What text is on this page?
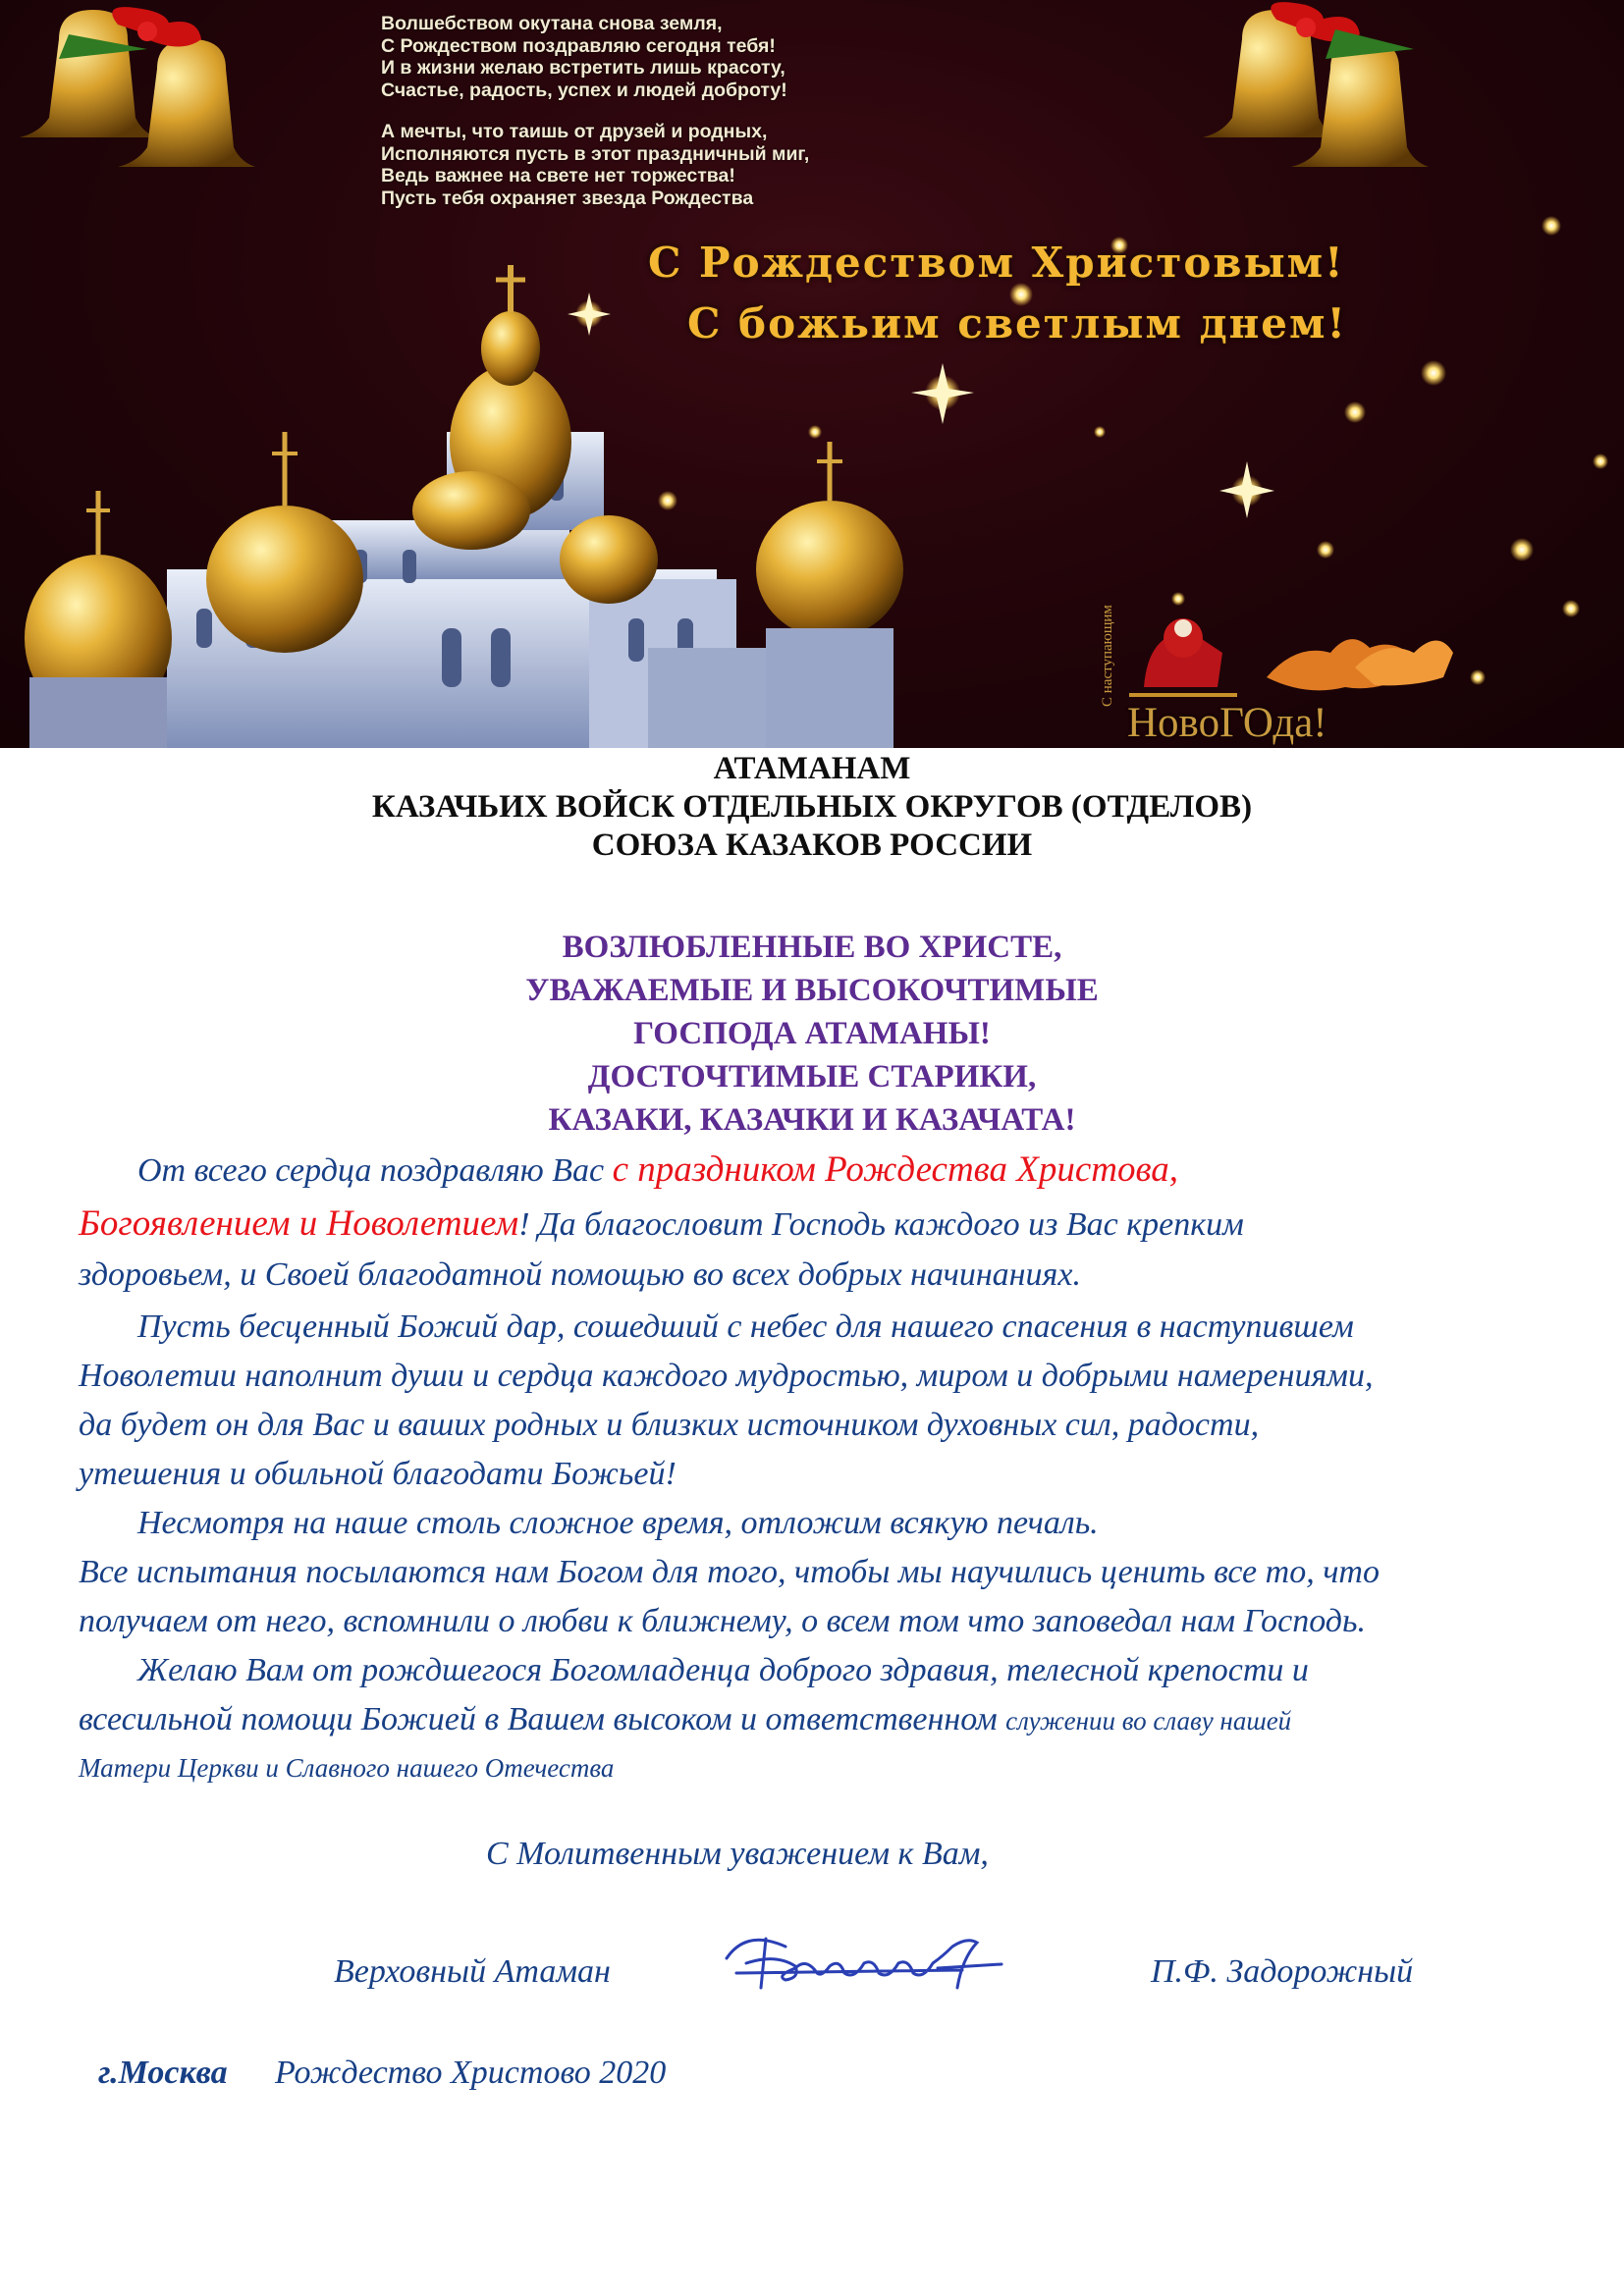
Волшебством окутана снова земля,
С Рождеством поздравляю сегодня тебя!
И в жизни желаю встретить лишь красоту,
Счастье, радость, успех и людей доброту!
А мечты, что таишь от друзей и родных,
Исполняются пусть в этот праздничный миг,
Ведь важнее на свете нет торжества!
Пусть тебя охраняет звезда Рождества
С Рождеством Христовым!
С божьим светлым днем!
С наступающим
НовоГОда!
АТАМАНАМ
КАЗАЧЬИХ ВОЙСК ОТДЕЛЬНЫХ ОКРУГОВ (ОТДЕЛОВ)
СОЮЗА КАЗАКОВ РОССИИ
ВОЗЛЮБЛЕННЫЕ ВО ХРИСТЕ,
УВАЖАЕМЫЕ И ВЫСОКОЧТИМЫЕ
ГОСПОДА АТАМАНЫ!
ДОСТОЧТИМЫЕ СТАРИКИ,
КАЗАКИ, КАЗАЧКИ И КАЗАЧАТА!
От всего сердца поздравляю Вас с праздником Рождества Христова,
Богоявлением и Новолетием! Да благословит Господь каждого из Вас крепким
здоровьем, и Своей благодатной помощью во всех добрых начинаниях.
Пусть бесценный Божий дар, сошедший с небес для нашего спасения в наступившем
Новолетии наполнит души и сердца каждого мудростью, миром и добрыми намерениями,
да будет он для Вас и ваших родных и близких источником духовных сил, радости,
утешения и обильной благодати Божьей!
Несмотря на наше столь сложное время, отложим всякую печаль.
Все испытания посылаются нам Богом для того, чтобы мы научились ценить все то, что
получаем от него, вспомнили о любви к ближнему, о всем том что заповедал нам Господь.
Желаю Вам от рождшегося Богомладенца доброго здравия, телесной крепости и
всесильной помощи Божией в Вашем высоком и ответственном служении во славу нашей
Матери Церкви и Славного нашего Отечества
С Молитвенным уважением к Вам,
Верховный Атаман	П.Ф. Задорожный
г.Москва Рождество Христово 2020
